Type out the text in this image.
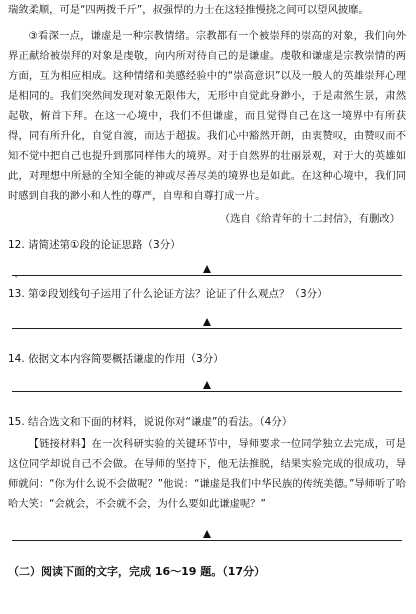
瑞敛柔顺，可是“四两拨千斤”，叔强悍的力士在这轻推慢挠之间可以望风披靡。

③看深一点，谦虚是一种宗教情绪。宗教都有一个被崇拜的崇高的对象，我们向外界正献给被崇拜的对象是虔敬，向内所对待自己的是谦虚。虔敬和谦虚是宗教崇情的两方面，互为相应相成。这种情绪和美感经验中的“崇高意识”以及一般人的英雄崇拜心理是相同的。我们突然间发现对象无限伟大，无形中自觉此身渺小，于是肃然生景，肃然起敬，俯首下拜。在这一心境中，我们不但谦虚，而且觉得自己在这一境界中有所获得，同有所升化，自觉自渡，而达于超拔。我们心中豁然开朗，由衷赞叹，由赞叹而不知不觉中把自己也提升到那同样伟大的境界。对于自然界的壮丽景观，对于大的英雄如此，对理想中所悬的全知全能的神或尽善尽美的境界也是如此。在这种心境中，我们同时感到自我的渺小和人性的尊严，自卑和自尊打成一片。

（选自《给青年的十二封信》，有删改）

12. 请简述第①段的论证思路（3分）

ˇ

13. 第②段划线句子运用了什么论证方法？论证了什么观点？（3分）

14. 依据文本内容简要概括谦虚的作用（3分）

15. 结合选文和下面的材料，说说你对“谦虚”的看法。（4分）

【链接材料】在一次科研实验的关键环节中，导师要求一位同学独立去完成，可是这位同学却说自己不会做。在导师的坚持下，他无法推脱，结果实验完成的很成功，导师就问：“你为什么说不会做呢？”他说：“谦虚是我们中华民族的传统美德。”导师听了哈哈大笑：“会就会，不会就不会，为什么要如此谦虚呢？”

（二）阅读下面的文字，完成 16～19 题。（17分）
